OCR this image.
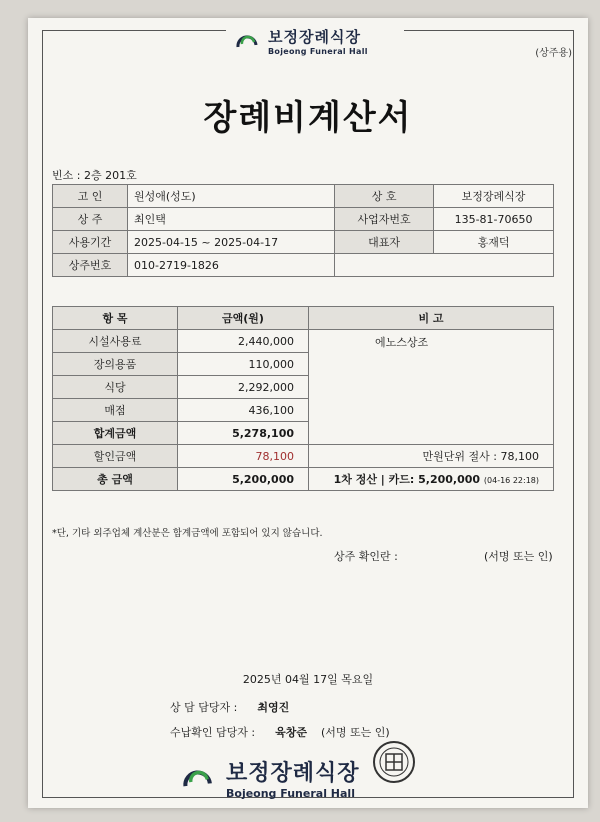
보정장례식장
Bojeong Funeral Hall	(상주용)
장례비계산서
빈소 : 2층 201호
고 인	원성애(성도)	상 호	보정장례식장
상 주	최인택	사업자번호	135-81-70650
사용기간	2025-04-15 ~ 2025-04-17	대표자	홍재덕
상주번호	010-2719-1826		
항 목	금액(원)	비 고
시설사용료	2,440,000	에노스상조
장의용품	110,000	
식당	2,292,000	
매점	436,100	
합계금액	5,278,100	
할인금액	78,100	만원단위 절사 : 78,100
총 금액	5,200,000	1차 정산 | 카드: 5,200,000 (04-16 22:18)
*단, 기타 외주업체 계산분은 합계금액에 포함되어 있지 않습니다.
상주 확인란 :	(서명 또는 인)
2025년 04월 17일 목요일
상 담 담당자 : 최영진
수납확인 담당자 : 육창준 (서명 또는 인)
보정장례식장
Bojeong Funeral Hall
